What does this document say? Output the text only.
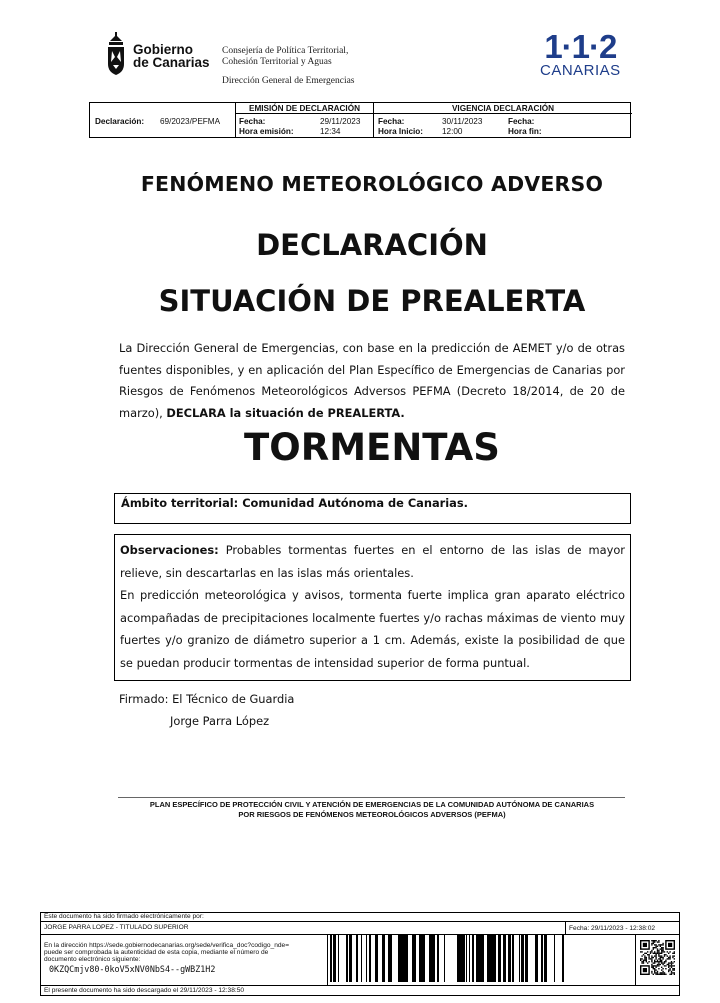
Gobierno
de Canarias
Consejería de Política Territorial,
Cohesión Territorial y Aguas
Dirección General de Emergencias
1·1·2
CANARIAS
Declaración: 69/2023/PEFMA
EMISIÓN DE DECLARACIÓN
Fecha:	29/11/2023
Hora emisión:	12:34
VIGENCIA DECLARACIÓN
Fecha:	30/11/2023
Hora Inicio: 12:00
Fecha:
Hora fin:
FENÓMENO METEOROLÓGICO ADVERSO
DECLARACIÓN
SITUACIÓN DE PREALERTA
La Dirección General de Emergencias, con base en la predicción de AEMET y/o de otras fuentes disponibles, y en aplicación del Plan Específico de Emergencias de Canarias por Riesgos de Fenómenos Meteorológicos Adversos PEFMA (Decreto 18/2014, de 20 de marzo), DECLARA la situación de PREALERTA.
TORMENTAS
Ámbito territorial: Comunidad Autónoma de Canarias.
Observaciones: Probables tormentas fuertes en el entorno de las islas de mayor relieve, sin descartarlas en las islas más orientales.
En predicción meteorológica y avisos, tormenta fuerte implica gran aparato eléctrico acompañadas de precipitaciones localmente fuertes y/o rachas máximas de viento muy fuertes y/o granizo de diámetro superior a 1 cm. Además, existe la posibilidad de que se puedan producir tormentas de intensidad superior de forma puntual.
Firmado: El Técnico de Guardia
Jorge Parra López
PLAN ESPECÍFICO DE PROTECCIÓN CIVIL Y ATENCIÓN DE EMERGENCIAS DE LA COMUNIDAD AUTÓNOMA DE CANARIAS
POR RIESGOS DE FENÓMENOS METEOROLÓGICOS ADVERSOS (PEFMA)
Este documento ha sido firmado electrónicamente por:
JORGE PARRA LOPEZ - TITULADO SUPERIOR	Fecha: 29/11/2023 - 12:38:02
En la dirección https://sede.gobiernodecanarias.org/sede/verifica_doc?codigo_nde=
puede ser comprobada la autenticidad de esta copia, mediante el número de
documento electrónico siguiente:
0KZQCmjv80-0koV5xNV0NbS4--gWBZ1H2
El presente documento ha sido descargado el 29/11/2023 - 12:38:50
